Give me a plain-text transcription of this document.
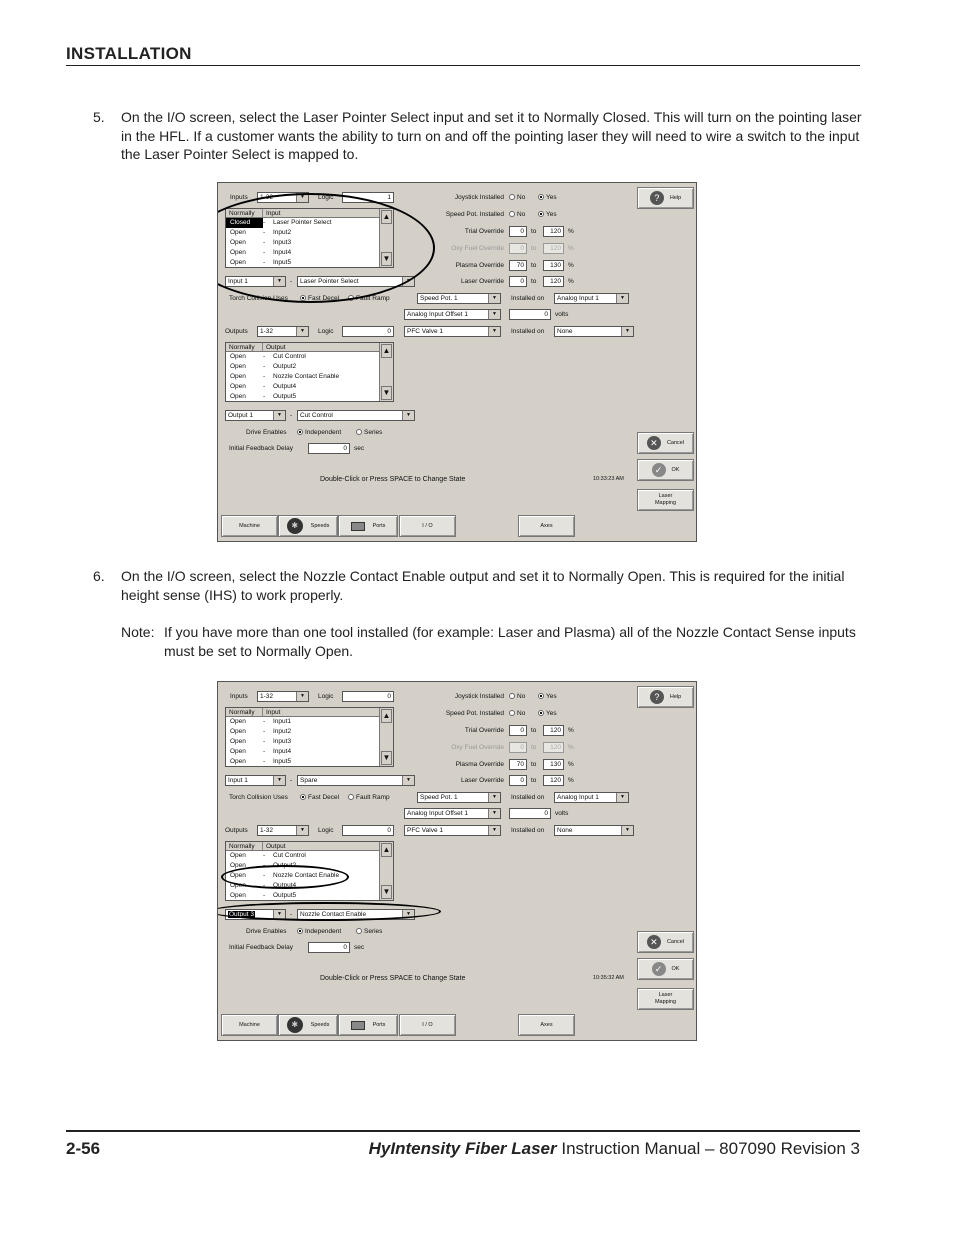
INSTALLATION
5.	On the I/O screen, select the Laser Pointer Select input and set it to Normally Closed. This will turn on the pointing laser in the HFL. If a customer wants the ability to turn on and off the pointing laser they will need to wire a switch to the input the Laser Pointer Select is mapped to.
Inputs	1-32	▼	Logic	1
Normally	Input
Closed	-	Laser Pointer Select
Open	-	Input2
Open	-	Input3
Open	-	Input4
Open	-	Input5
▲
▼
Input 1	▼	-	Laser Pointer Select	▼
Torch Collision Uses	Fast Decel	Fault Ramp
Outputs	1-32	▼	Logic	0
Normally	Output
Open	-	Cut Control
Open	-	Output2
Open	-	Nozzle Contact Enable
Open	-	Output4
Open	-	Output5
▲
▼
Output 1	▼	-	Cut Control	▼
Drive Enables	Independent	Series
Initial Feedback Delay	0	sec
Joystick Installed	No	Yes
Speed Pot. Installed	No	Yes
Trial Override	0	to	120	%
Oxy Fuel Override	0	to	120	%
Plasma Override	70	to	130	%
Laser Override	0	to	120	%
Speed Pot. 1	▼	Installed on	Analog Input 1	▼
Analog Input Offset 1	▼	0	volts
PFC Valve 1	▼	Installed on	None	▼
Double-Click or Press SPACE to Change State	10:33:23 AM
?	Help
✕	Cancel
✓	OK
Laser
Mapping
Machine	✱	Speeds	Ports	I / O	Axes
6.	On the I/O screen, select the Nozzle Contact Enable output and set it to Normally Open. This is required for the initial height sense (IHS) to work properly.
Note: If you have more than one tool installed (for example: Laser and Plasma) all of the Nozzle Contact Sense inputs must be set to Normally Open.
Inputs	1-32	▼	Logic	0
Normally	Input
Open	-	Input1
Open	-	Input2
Open	-	Input3
Open	-	Input4
Open	-	Input5
▲
▼
Input 1	▼	-	Spare	▼
Torch Collision Uses	Fast Decel	Fault Ramp
Outputs	1-32	▼	Logic	0
Normally	Output
Open	-	Cut Control
Open	-	Output2
Open	-	Nozzle Contact Enable
Open	-	Output4
Open	-	Output5
▲
▼
Output 3	▼	-	Nozzle Contact Enable	▼
Drive Enables	Independent	Series
Initial Feedback Delay	0	sec
Joystick Installed	No	Yes
Speed Pot. Installed	No	Yes
Trial Override	0	to	120	%
Oxy Fuel Override	0	to	120	%
Plasma Override	70	to	130	%
Laser Override	0	to	120	%
Speed Pot. 1	▼	Installed on	Analog Input 1	▼
Analog Input Offset 1	▼	0	volts
PFC Valve 1	▼	Installed on	None	▼
Double-Click or Press SPACE to Change State	10:35:32 AM
?	Help
✕	Cancel
✓	OK
Laser
Mapping
Machine	✱	Speeds	Ports	I / O	Axes
2-56	HyIntensity Fiber Laser Instruction Manual – 807090 Revision 3
